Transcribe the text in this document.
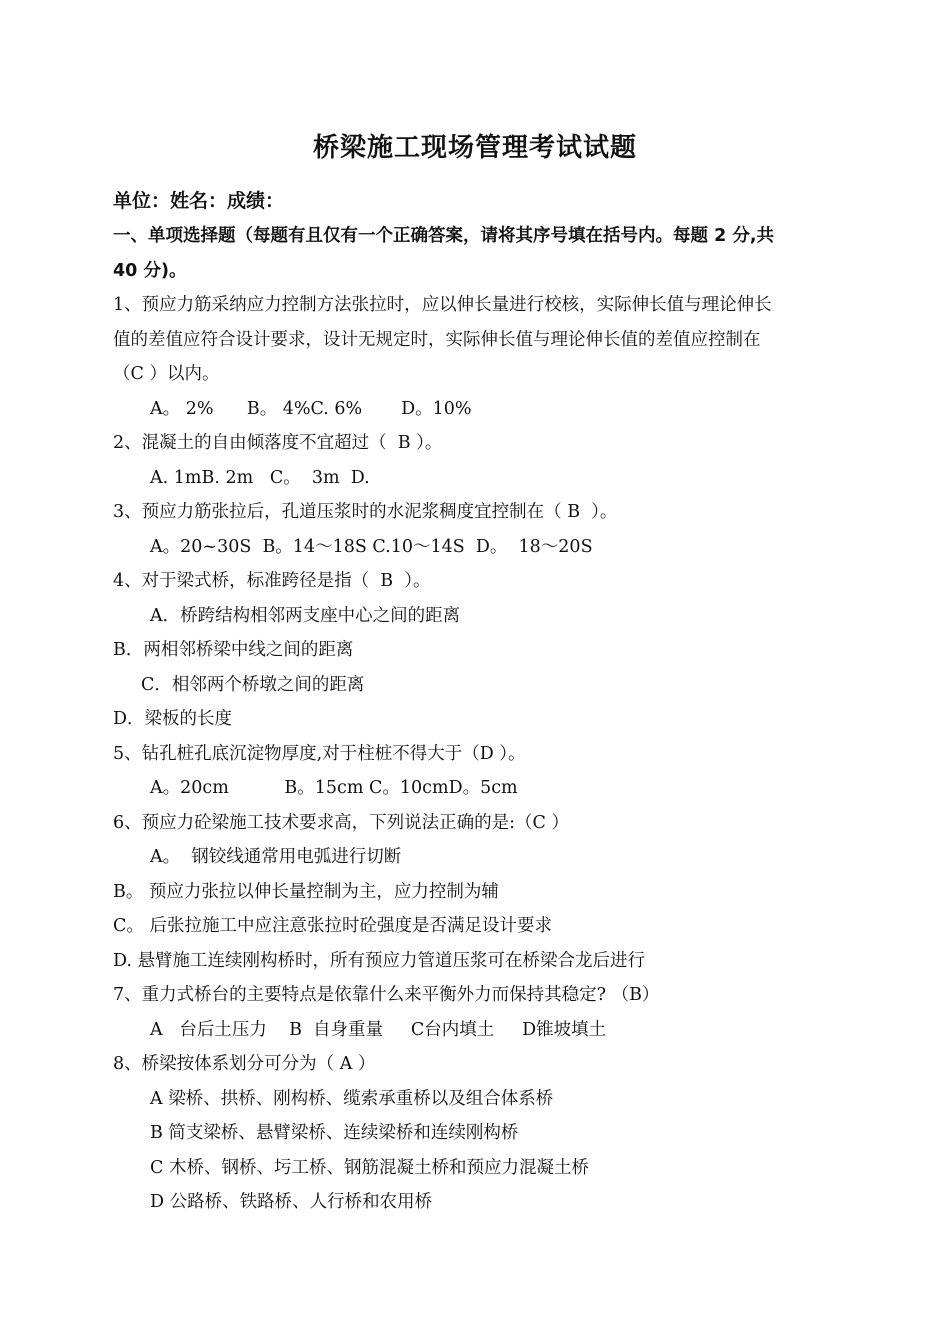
桥梁施工现场管理考试试题
单位：姓名：成绩：
一、单项选择题（每题有且仅有一个正确答案，请将其序号填在括号内。每题 2 分,共
40 分)。
1、预应力筋采纳应力控制方法张拉时，应以伸长量进行校核，实际伸长值与理论伸长
值的差值应符合设计要求，设计无规定时，实际伸长值与理论伸长值的差值应控制在
（C ）以内。
A。 2%      B。 4%C. 6%       D。10%
2、混凝土的自由倾落度不宜超过（  B ）。
A. 1mB. 2m   C。  3m  D.
3、预应力筋张拉后，孔道压浆时的水泥浆稠度宜控制在（ B  ）。
A。20~30S  B。14～18S C.10～14S  D。  18～20S
4、对于梁式桥，标准跨径是指（  B  ）。
A．桥跨结构相邻两支座中心之间的距离
B．两相邻桥梁中线之间的距离
C．相邻两个桥墩之间的距离
D．梁板的长度
5、钻孔桩孔底沉淀物厚度,对于柱桩不得大于（D ）。
A。20cm          B。15cm C。10cmD。5cm
6、预应力砼梁施工技术要求高，下列说法正确的是:（C ）
A。  钢铰线通常用电弧进行切断
B。 预应力张拉以伸长量控制为主，应力控制为辅
C。 后张拉施工中应注意张拉时砼强度是否满足设计要求
D. 悬臂施工连续刚构桥时，所有预应力管道压浆可在桥梁合龙后进行
7、重力式桥台的主要特点是依靠什么来平衡外力而保持其稳定? （B）
A   台后土压力    B  自身重量     C台内填土     D锥坡填土
8、桥梁按体系划分可分为（ A ）
A 梁桥、拱桥、刚构桥、缆索承重桥以及组合体系桥
B 简支梁桥、悬臂梁桥、连续梁桥和连续刚构桥
C 木桥、钢桥、圬工桥、钢筋混凝土桥和预应力混凝土桥
D 公路桥、铁路桥、人行桥和农用桥
